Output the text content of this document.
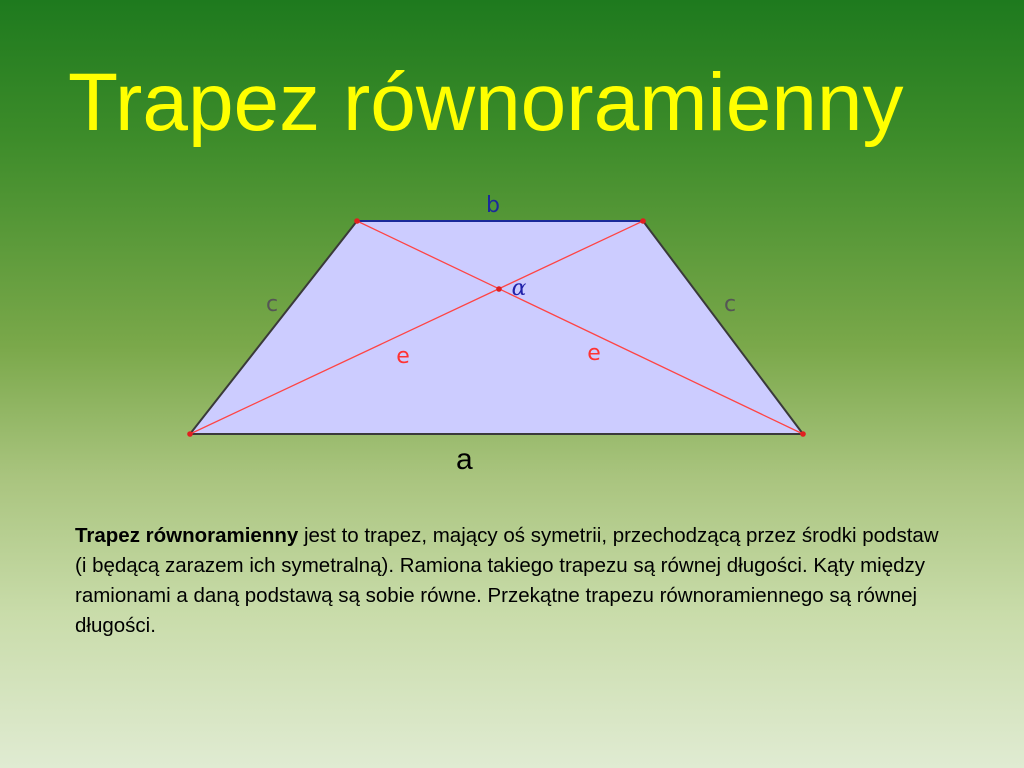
Trapez równoramienny
b
c	c
e	e
α
a

Trapez równoramienny jest to trapez, mający oś symetrii, przechodzącą przez środki podstaw (i będącą zarazem ich symetralną). Ramiona takiego trapezu są równej długości. Kąty między ramionami a daną podstawą są sobie równe. Przekątne trapezu równoramiennego są równej długości.
